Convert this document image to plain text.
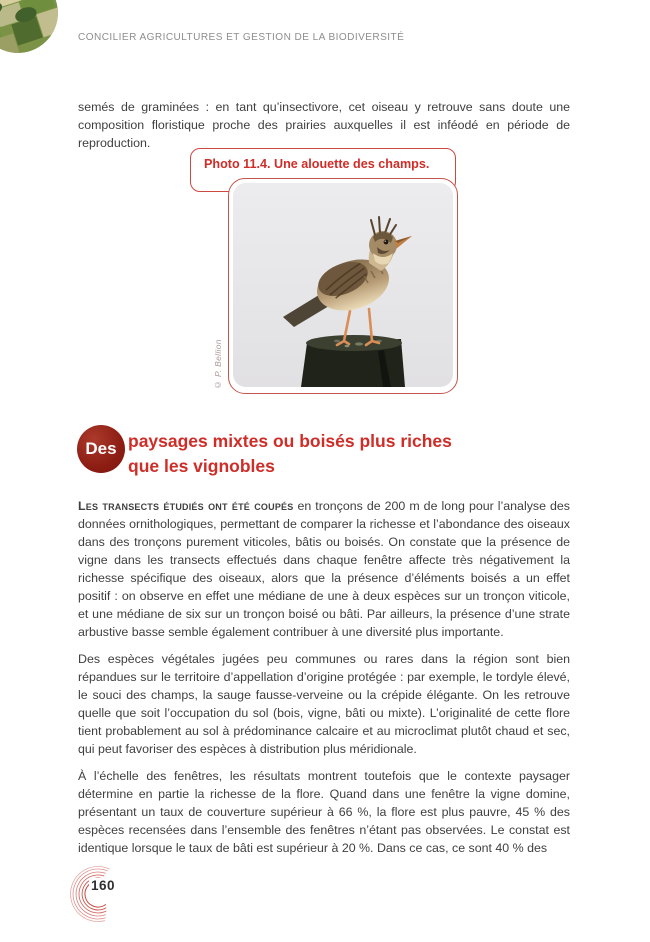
CONCILIER AGRICULTURES ET GESTION DE LA BIODIVERSITÉ

semés de graminées : en tant qu’insectivore, cet oiseau y retrouve sans doute une composition floristique proche des prairies auxquelles il est inféodé en période de reproduction.

Photo 11.4. Une alouette des champs.
© P. Bellion
Des paysages mixtes ou boisés plus riches
que les vignobles

Les transects étudiés ont été coupés en tronçons de 200 m de long pour l’analyse des données ornithologiques, permettant de comparer la richesse et l’abondance des oiseaux dans des tronçons purement viticoles, bâtis ou boisés. On constate que la présence de vigne dans les transects effectués dans chaque fenêtre affecte très négativement la richesse spécifique des oiseaux, alors que la présence d’éléments boisés a un effet positif : on observe en effet une médiane de une à deux espèces sur un tronçon viticole, et une médiane de six sur un tronçon boisé ou bâti. Par ailleurs, la présence d’une strate arbustive basse semble également contribuer à une diversité plus importante.

Des espèces végétales jugées peu communes ou rares dans la région sont bien répandues sur le territoire d’appellation d’origine protégée : par exemple, le tordyle élevé, le souci des champs, la sauge fausse-verveine ou la crépide élégante. On les retrouve quelle que soit l’occupation du sol (bois, vigne, bâti ou mixte). L’originalité de cette flore tient probablement au sol à prédominance calcaire et au microclimat plutôt chaud et sec, qui peut favoriser des espèces à distribution plus méridionale.

À l’échelle des fenêtres, les résultats montrent toutefois que le contexte paysager détermine en partie la richesse de la flore. Quand dans une fenêtre la vigne domine, présentant un taux de couverture supérieur à 66 %, la flore est plus pauvre, 45 % des espèces recensées dans l’ensemble des fenêtres n’étant pas observées. Le constat est identique lorsque le taux de bâti est supérieur à 20 %. Dans ce cas, ce sont 40 % des

160
